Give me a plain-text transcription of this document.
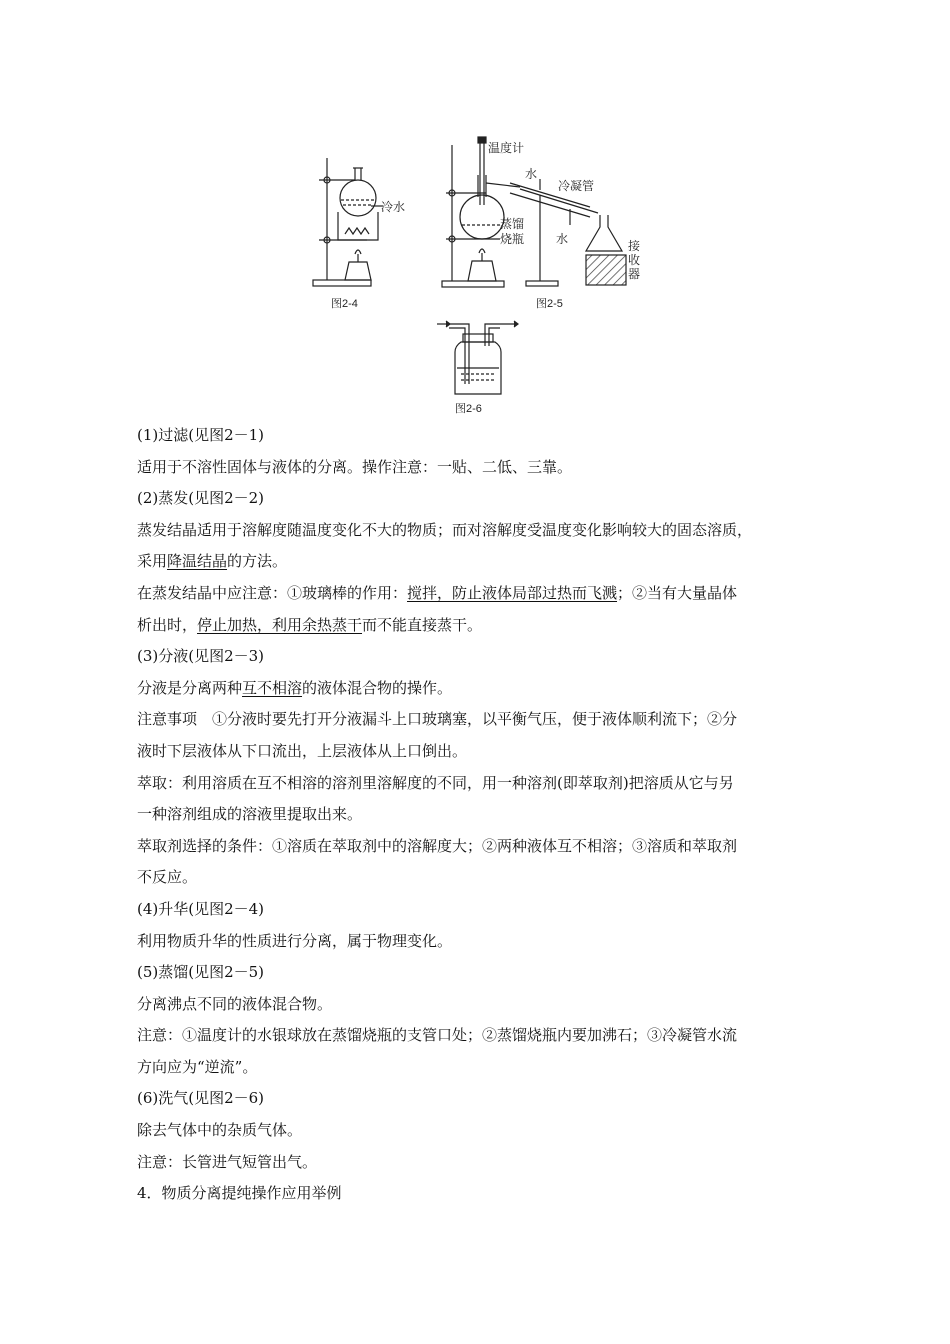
冷水
图2-4
温度计
水
冷凝管
蒸馏
烧瓶	水	接
收
器
图2-5
图2-6
(1)过滤(见图2－1)
适用于不溶性固体与液体的分离。操作注意：一贴、二低、三靠。
(2)蒸发(见图2－2)
蒸发结晶适用于溶解度随温度变化不大的物质；而对溶解度受温度变化影响较大的固态溶质，
采用降温结晶的方法。
在蒸发结晶中应注意：①玻璃棒的作用：搅拌，防止液体局部过热而飞溅；②当有大量晶体
析出时，停止加热，利用余热蒸干而不能直接蒸干。
(3)分液(见图2－3)
分液是分离两种互不相溶的液体混合物的操作。
注意事项　①分液时要先打开分液漏斗上口玻璃塞，以平衡气压，便于液体顺利流下；②分
液时下层液体从下口流出，上层液体从上口倒出。
萃取：利用溶质在互不相溶的溶剂里溶解度的不同，用一种溶剂(即萃取剂)把溶质从它与另
一种溶剂组成的溶液里提取出来。
萃取剂选择的条件：①溶质在萃取剂中的溶解度大；②两种液体互不相溶；③溶质和萃取剂
不反应。
(4)升华(见图2－4)
利用物质升华的性质进行分离，属于物理变化。
(5)蒸馏(见图2－5)
分离沸点不同的液体混合物。
注意：①温度计的水银球放在蒸馏烧瓶的支管口处；②蒸馏烧瓶内要加沸石；③冷凝管水流
方向应为“逆流”。
(6)洗气(见图2－6)
除去气体中的杂质气体。
注意：长管进气短管出气。
4．物质分离提纯操作应用举例
